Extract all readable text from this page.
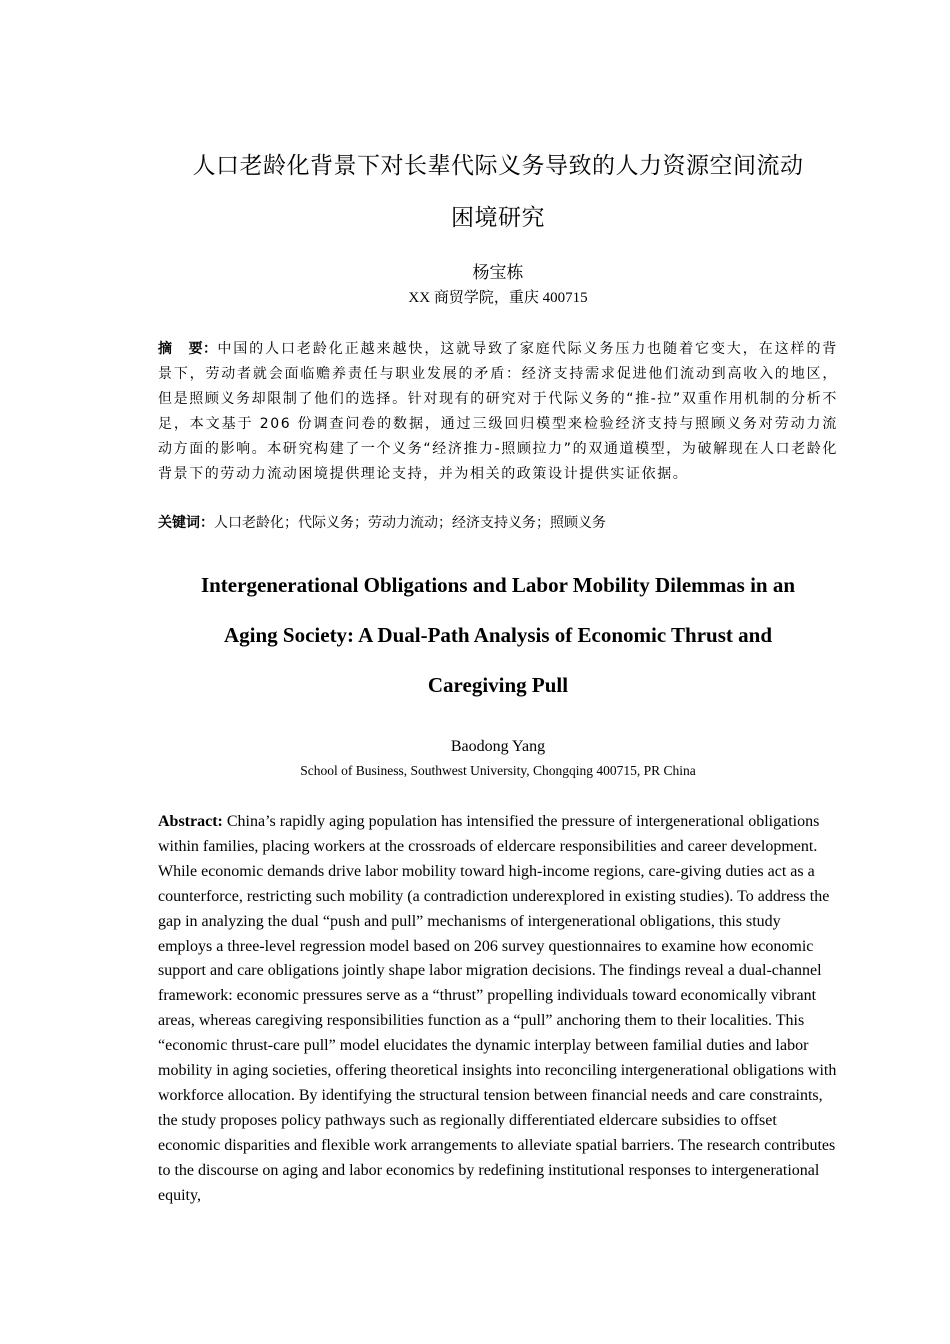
人口老龄化背景下对长辈代际义务导致的人力资源空间流动
困境研究
杨宝栋
XX 商贸学院，重庆 400715
摘 要：中国的人口老龄化正越来越快，这就导致了家庭代际义务压力也随着它变大，在这样的背景下，劳动者就会面临赡养责任与职业发展的矛盾：经济支持需求促进他们流动到高收入的地区，但是照顾义务却限制了他们的选择。针对现有的研究对于代际义务的“推-拉”双重作用机制的分析不足，本文基于 206 份调查问卷的数据，通过三级回归模型来检验经济支持与照顾义务对劳动力流动方面的影响。本研究构建了一个义务“经济推力-照顾拉力”的双通道模型，为破解现在人口老龄化背景下的劳动力流动困境提供理论支持，并为相关的政策设计提供实证依据。
关键词：人口老龄化；代际义务；劳动力流动；经济支持义务；照顾义务
Intergenerational Obligations and Labor Mobility Dilemmas in an
Aging Society: A Dual-Path Analysis of Economic Thrust and
Caregiving Pull
Baodong Yang
School of Business, Southwest University, Chongqing 400715, PR China
Abstract: China’s rapidly aging population has intensified the pressure of intergenerational obligations within families, placing workers at the crossroads of eldercare responsibilities and career development. While economic demands drive labor mobility toward high-income regions, care-giving duties act as a counterforce, restricting such mobility (a contradiction underexplored in existing studies). To address the gap in analyzing the dual “push and pull” mechanisms of intergenerational obligations, this study employs a three-level regression model based on 206 survey questionnaires to examine how economic support and care obligations jointly shape labor migration decisions. The findings reveal a dual-channel framework: economic pressures serve as a “thrust” propelling individuals toward economically vibrant areas, whereas caregiving responsibilities function as a “pull” anchoring them to their localities. This “economic thrust-care pull” model elucidates the dynamic interplay between familial duties and labor mobility in aging societies, offering theoretical insights into reconciling intergenerational obligations with workforce allocation. By identifying the structural tension between financial needs and care constraints, the study proposes policy pathways such as regionally differentiated eldercare subsidies to offset economic disparities and flexible work arrangements to alleviate spatial barriers. The research contributes to the discourse on aging and labor economics by redefining institutional responses to intergenerational equity,
